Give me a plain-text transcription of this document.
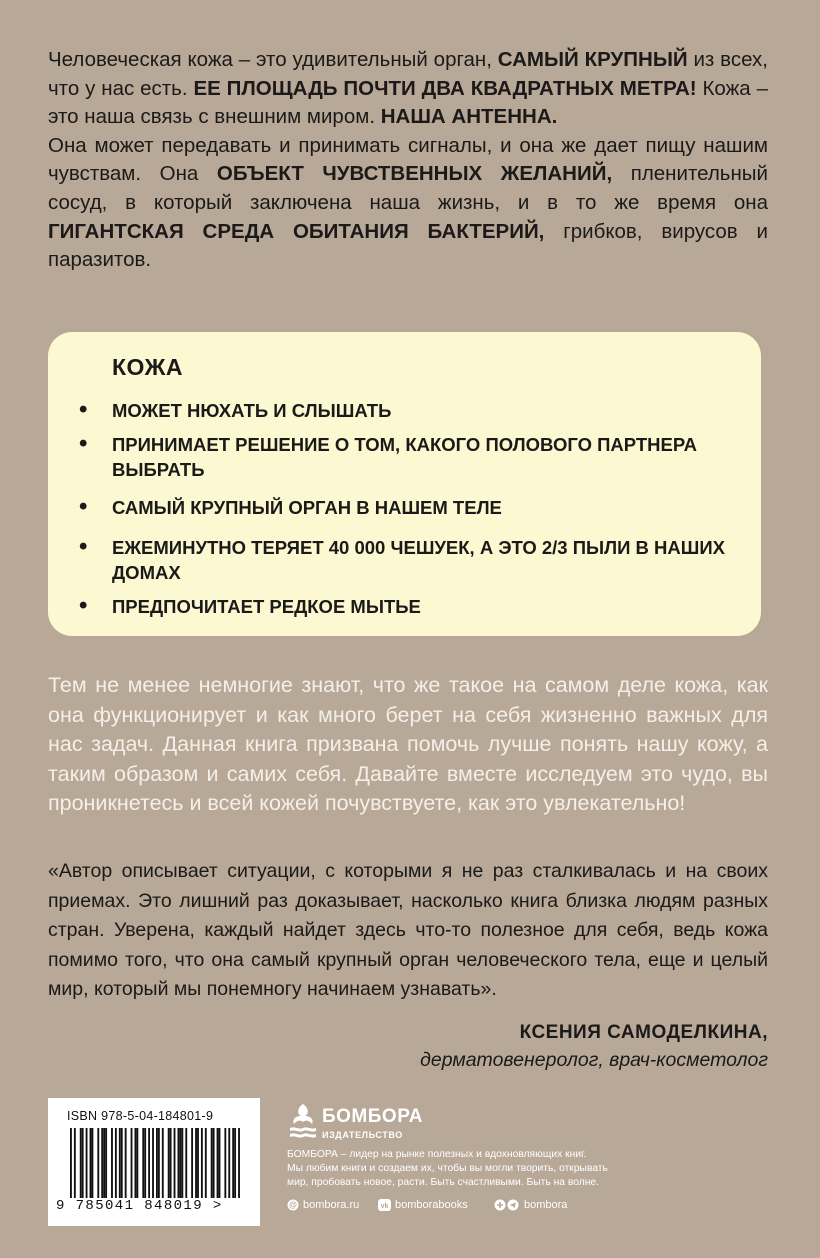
Человеческая кожа – это удивительный орган, САМЫЙ КРУПНЫЙ из всех, что у нас есть. ЕЕ ПЛОЩАДЬ ПОЧТИ ДВА КВАДРАТНЫХ МЕТРА! Кожа – это наша связь с внешним миром. НАША АНТЕННА.
Она может передавать и принимать сигналы, и она же дает пищу нашим чувствам. Она ОБЪЕКТ ЧУВСТВЕННЫХ ЖЕЛАНИЙ, пленительный сосуд, в который заключена наша жизнь, и в то же время она ГИГАНТСКАЯ СРЕДА ОБИТАНИЯ БАКТЕРИЙ, грибков, вирусов и паразитов.

КОЖА
• МОЖЕТ НЮХАТЬ И СЛЫШАТЬ
• ПРИНИМАЕТ РЕШЕНИЕ О ТОМ, КАКОГО ПОЛОВОГО ПАРТНЕРА ВЫБРАТЬ
• САМЫЙ КРУПНЫЙ ОРГАН В НАШЕМ ТЕЛЕ
• ЕЖЕМИНУТНО ТЕРЯЕТ 40 000 ЧЕШУЕК, А ЭТО 2/3 ПЫЛИ В НАШИХ ДОМАХ
• ПРЕДПОЧИТАЕТ РЕДКОЕ МЫТЬЕ

Тем не менее немногие знают, что же такое на самом деле кожа, как она функционирует и как много берет на себя жизненно важных для нас задач. Данная книга призвана помочь лучше понять нашу кожу, а таким образом и самих себя. Давайте вместе исследуем это чудо, вы проникнетесь и всей кожей почувствуете, как это увлекательно!

«Автор описывает ситуации, с которыми я не раз сталкивалась и на своих приемах. Это лишний раз доказывает, насколько книга близка людям разных стран. Уверена, каждый найдет здесь что-то полезное для себя, ведь кожа помимо того, что она самый крупный орган человеческого тела, еще и целый мир, который мы понемногу начинаем узнавать».

КСЕНИЯ САМОДЕЛКИНА,
дерматовенеролог, врач-косметолог
ISBN 978-5-04-184801-9
9 785041 848019 >
БОМБОРА
ИЗДАТЕЛЬСТВО

БОМБОРА – лидер на рынке полезных и вдохновляющих книг.

Мы любим книги и создаем их, чтобы вы могли творить, открывать

мир, пробовать новое, расти. Быть счастливыми. Быть на волне.

@ bombora.ru	vk bomborabooks	bombora
